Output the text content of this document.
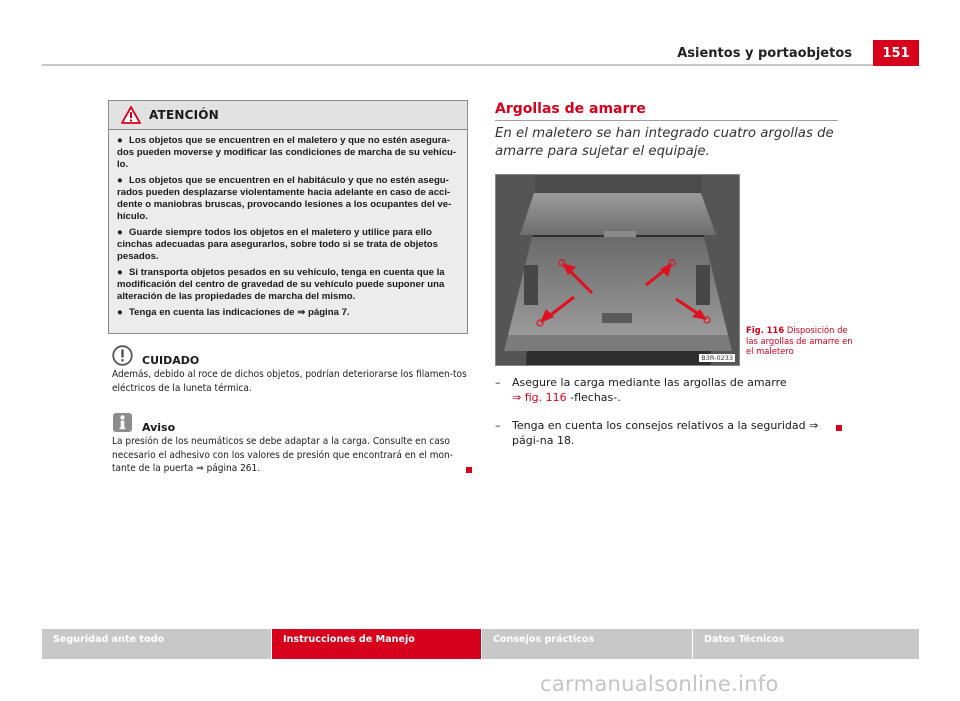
Asientos y portaobjetos	151
ATENCIÓN
● Los objetos que se encuentren en el maletero y que no estén asegura-dos pueden moverse y modificar las condiciones de marcha de su vehícu-lo.
● Los objetos que se encuentren en el habitáculo y que no estén asegu-rados pueden desplazarse violentamente hacia adelante en caso de acci-dente o maniobras bruscas, provocando lesiones a los ocupantes del ve-hículo.
● Guarde siempre todos los objetos en el maletero y utilice para ello cinchas adecuadas para asegurarlos, sobre todo si se trata de objetos pesados.
● Si transporta objetos pesados en su vehículo, tenga en cuenta que la modificación del centro de gravedad de su vehículo puede suponer una alteración de las propiedades de marcha del mismo.
● Tenga en cuenta las indicaciones de ⇒ página 7.
CUIDADO
Además, debido al roce de dichos objetos, podrían deteriorarse los filamen-tos eléctricos de la luneta térmica.
Aviso
La presión de los neumáticos se debe adaptar a la carga. Consulte en caso necesario el adhesivo con los valores de presión que encontrará en el mon-tante de la puerta ⇒ página 261.
Argollas de amarre
En el maletero se han integrado cuatro argollas de amarre para sujetar el equipaje.
B3R-0233
Fig. 116 Disposición de las argollas de amarre en el maletero
– Asegure la carga mediante las argollas de amarre
⇒ fig. 116 -flechas-.
– Tenga en cuenta los consejos relativos a la seguridad ⇒ pági-na 18.
Seguridad ante todo	Instrucciones de Manejo	Consejos prácticos	Datos Técnicos
carmanualsonline.info
